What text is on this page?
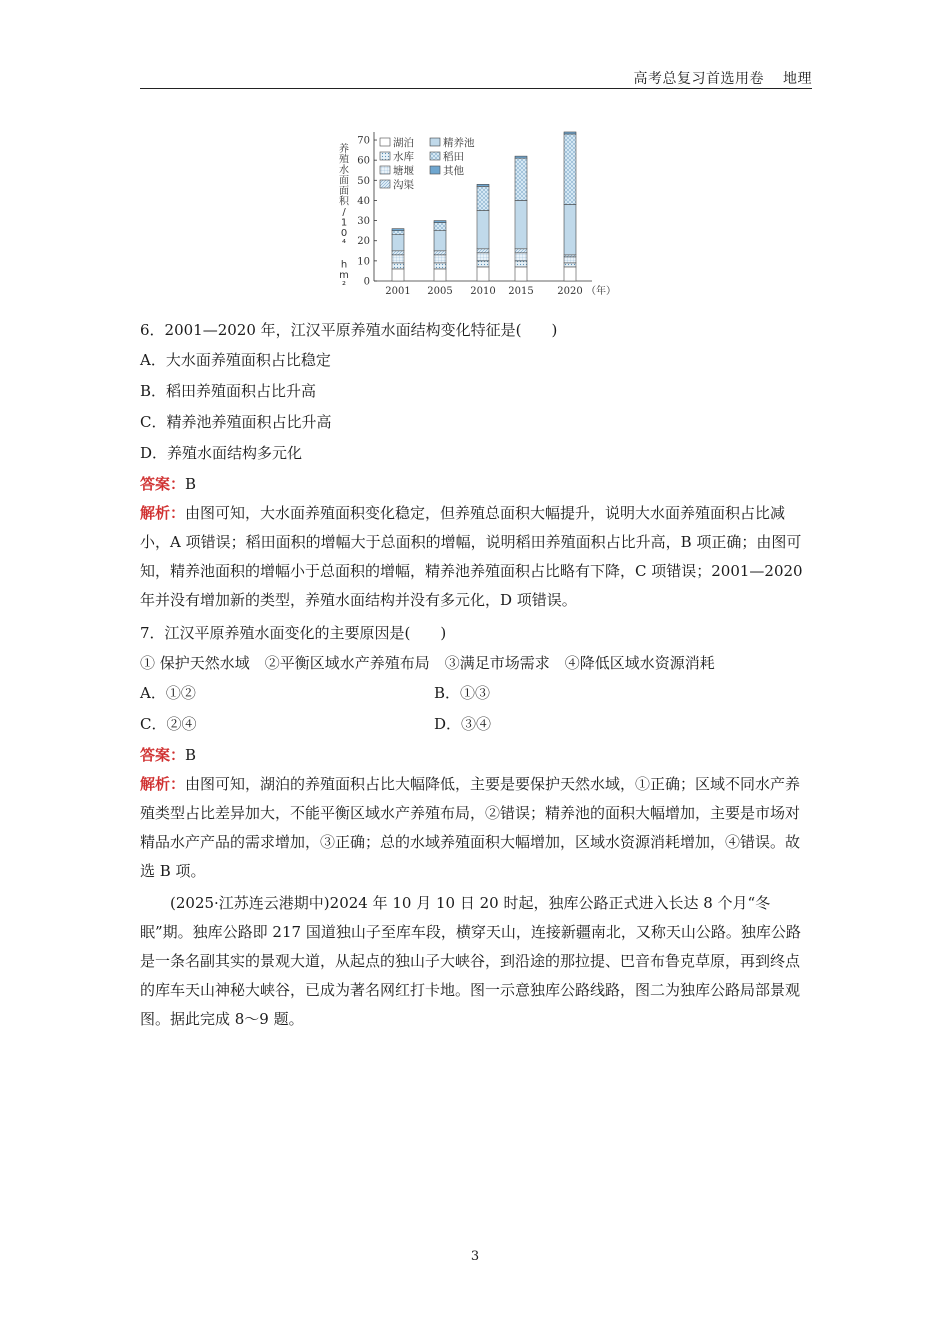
高考总复习首选用卷 地理
养
殖
水
面
面
积
/
1
0
⁴
h
m
² 0
10
20
30
40
50
60
70
2001 2005 2010 2015 2020 （年）
湖泊
水库
塘堰
沟渠
精养池
稻田
其他
6．2001—2020 年，江汉平原养殖水面结构变化特征是(　　)
A．大水面养殖面积占比稳定
B．稻田养殖面积占比升高
C．精养池养殖面积占比升高
D．养殖水面结构多元化
答案：B
解析：由图可知，大水面养殖面积变化稳定，但养殖总面积大幅提升，说明大水面养殖面积占比减小，A 项错误；稻田面积的增幅大于总面积的增幅，说明稻田养殖面积占比升高，B 项正确；由图可知，精养池面积的增幅小于总面积的增幅，精养池养殖面积占比略有下降，C 项错误；2001—2020 年并没有增加新的类型，养殖水面结构并没有多元化，D 项错误。
7．江汉平原养殖水面变化的主要原因是(　　)
① 保护天然水域　②平衡区域水产养殖布局　③满足市场需求　④降低区域水资源消耗
A．①②	B．①③
C．②④	D．③④
答案：B
解析：由图可知，湖泊的养殖面积占比大幅降低，主要是要保护天然水域，①正确；区域不同水产养殖类型占比差异加大，不能平衡区域水产养殖布局，②错误；精养池的面积大幅增加，主要是市场对精品水产产品的需求增加，③正确；总的水域养殖面积大幅增加，区域水资源消耗增加，④错误。故选 B 项。
(2025·江苏连云港期中)2024 年 10 月 10 日 20 时起，独库公路正式进入长达 8 个月“冬眠”期。独库公路即 217 国道独山子至库车段，横穿天山，连接新疆南北，又称天山公路。独库公路是一条名副其实的景观大道，从起点的独山子大峡谷，到沿途的那拉提、巴音布鲁克草原，再到终点的库车天山神秘大峡谷，已成为著名网红打卡地。图一示意独库公路线路，图二为独库公路局部景观图。据此完成 8～9 题。
3
